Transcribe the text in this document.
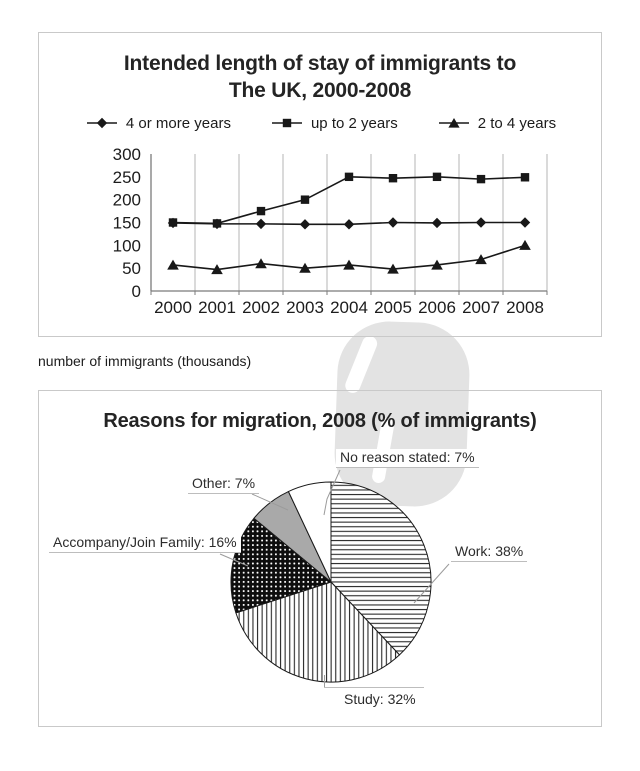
Intended length of stay of immigrants to The UK, 2000-2008
4 or more years	up to 2 years	2 to 4 years
0
50
100
150
200
250
300
2000 2001 2002 2003 2004 2005 2006 2007 2008
number of immigrants (thousands)
Reasons for migration, 2008 (% of immigrants)
No reason stated: 7%
Other: 7%
Accompany/Join Family: 16%
Work: 38%
Study: 32%
